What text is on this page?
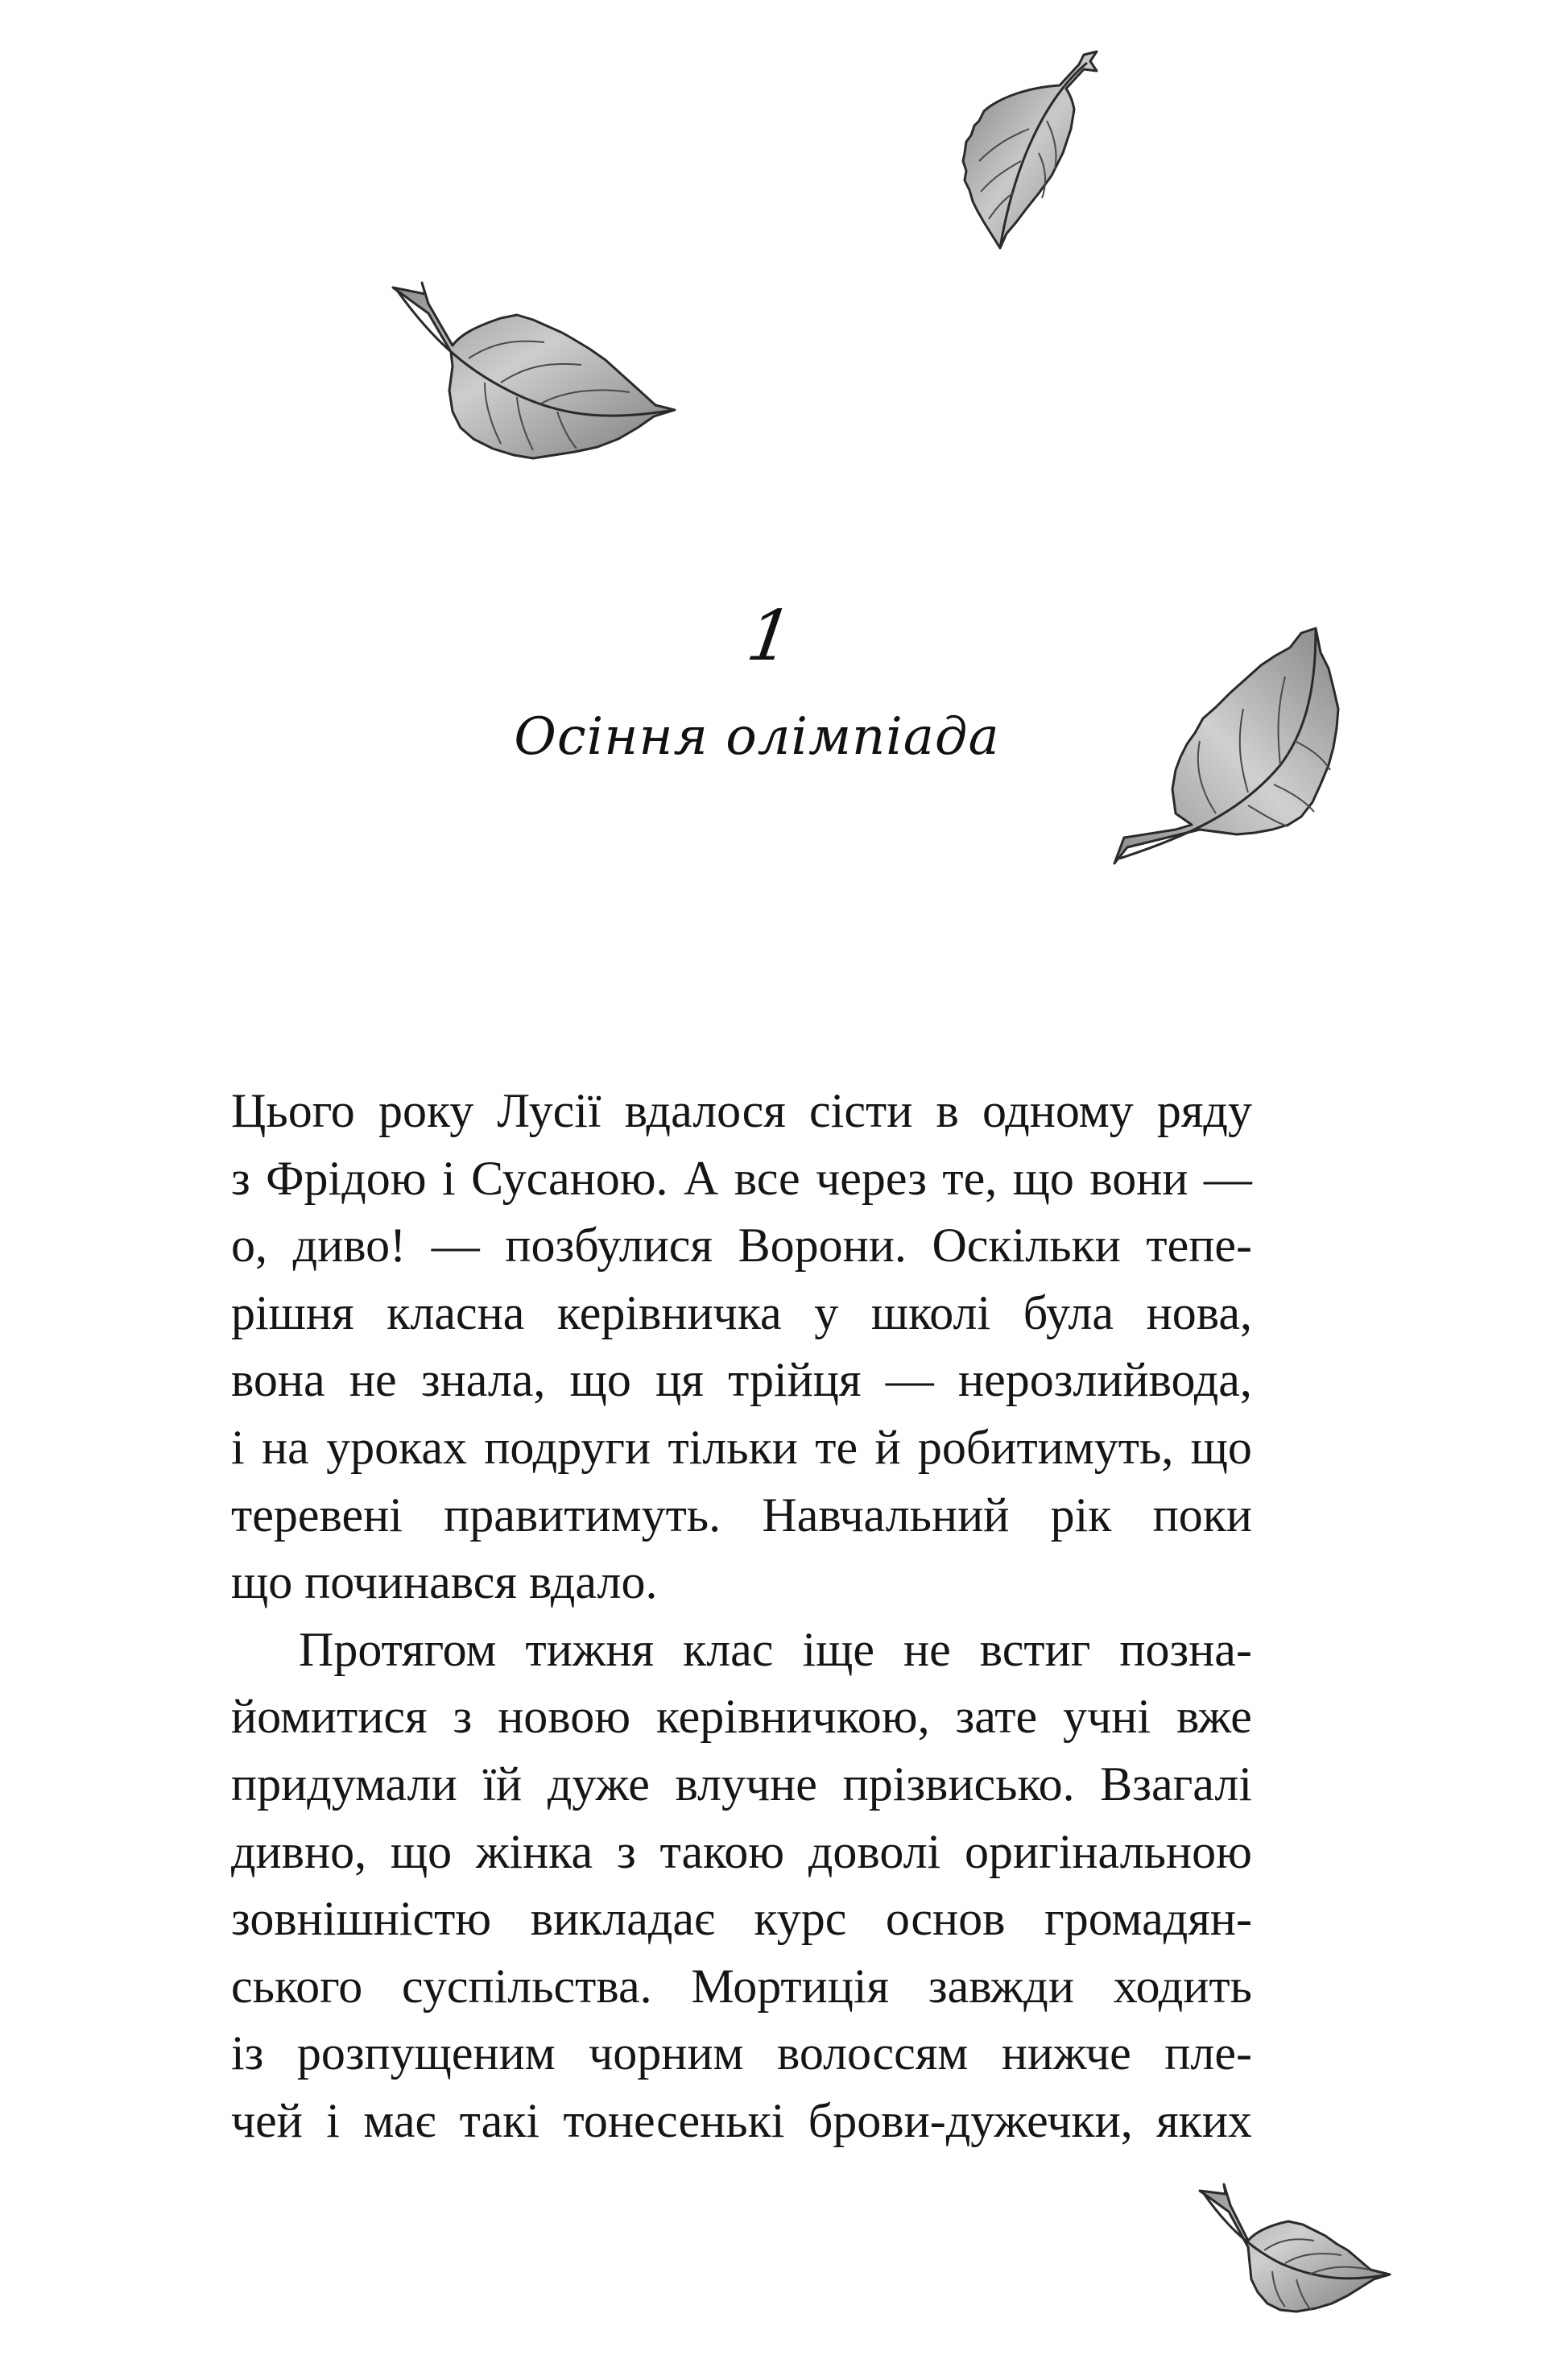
1
Осіння олімпіада
Цього року Лусії вдалося сісти в одному ряду
з Фрідою і Сусаною. А все через те, що вони —
о, диво! — позбулися Ворони. Оскільки тепе-
рішня класна керівничка у школі була нова,
вона не знала, що ця трійця — нерозлийвода,
і на уроках подруги тільки те й робитимуть, що
теревені правитимуть. Навчальний рік поки
що починався вдало.
Протягом тижня клас іще не встиг позна-
йомитися з новою керівничкою, зате учні вже
придумали їй дуже влучне прізвисько. Взагалі
дивно, що жінка з такою доволі оригінальною
зовнішністю викладає курс основ громадян-
ського суспільства. Мортиція завжди ходить
із розпущеним чорним волоссям нижче пле-
чей і має такі тонесенькі брови-дужечки, яких
